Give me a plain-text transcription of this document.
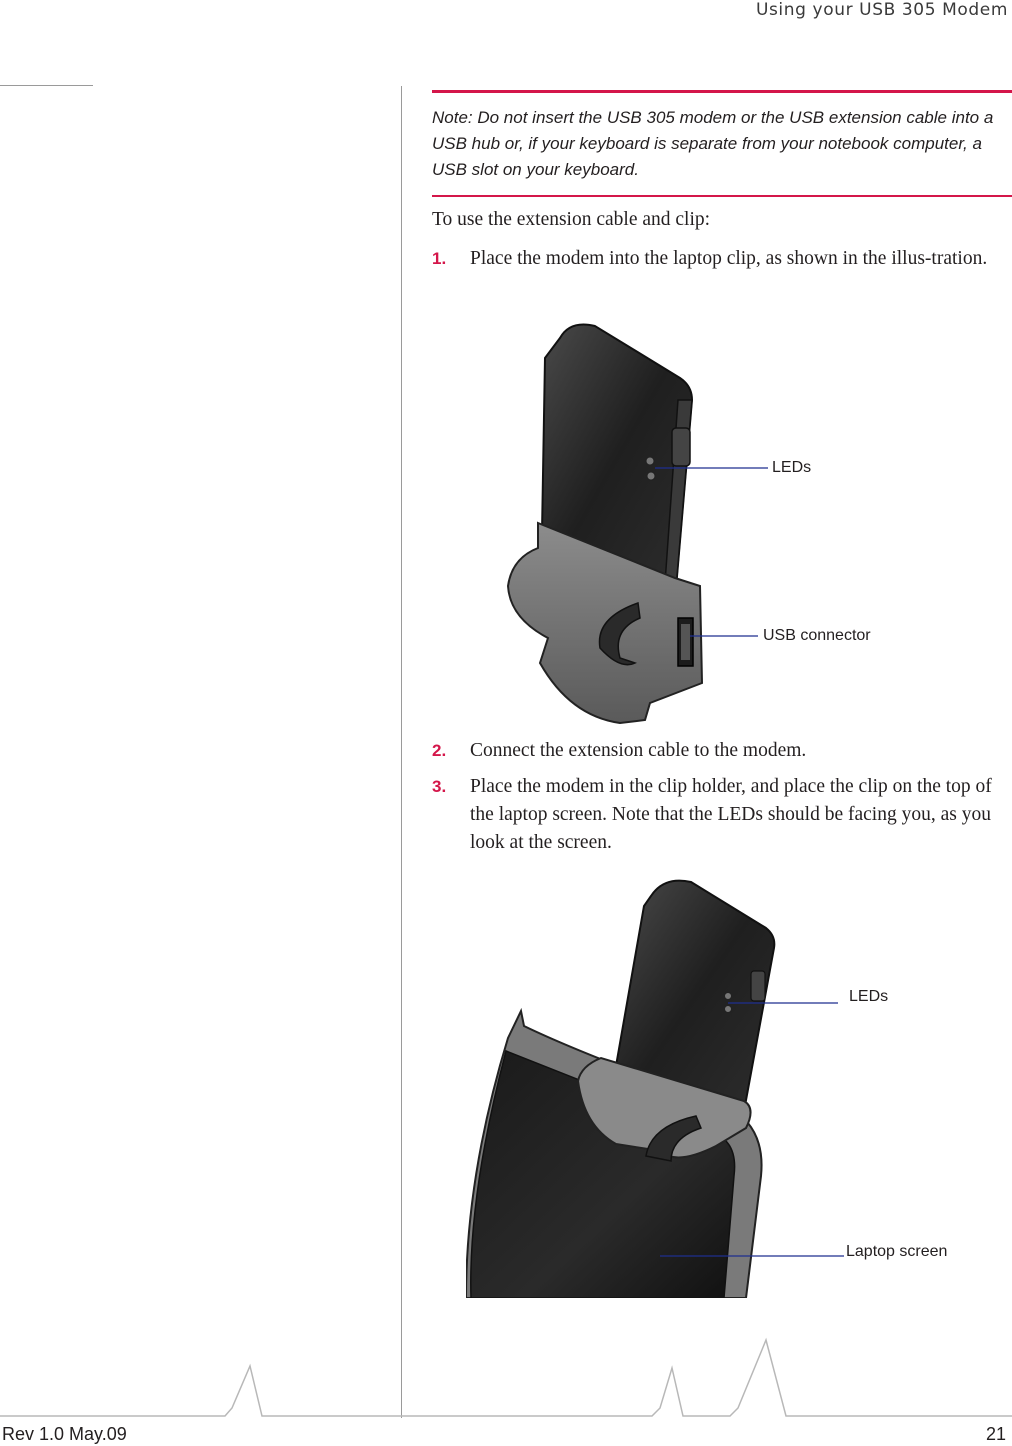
Using your USB 305 Modem
Note: Do not insert the USB 305 modem or the USB extension cable into a USB hub or, if your keyboard is separate from your notebook computer, a USB slot on your keyboard.
To use the extension cable and clip:
1. Place the modem into the laptop clip, as shown in the illus-tration.
LEDs
USB connector
2. Connect the extension cable to the modem.
3. Place the modem in the clip holder, and place the clip on the top of the laptop screen. Note that the LEDs should be facing you, as you look at the screen.
LEDs
Laptop screen
Rev 1.0 May.09	21
